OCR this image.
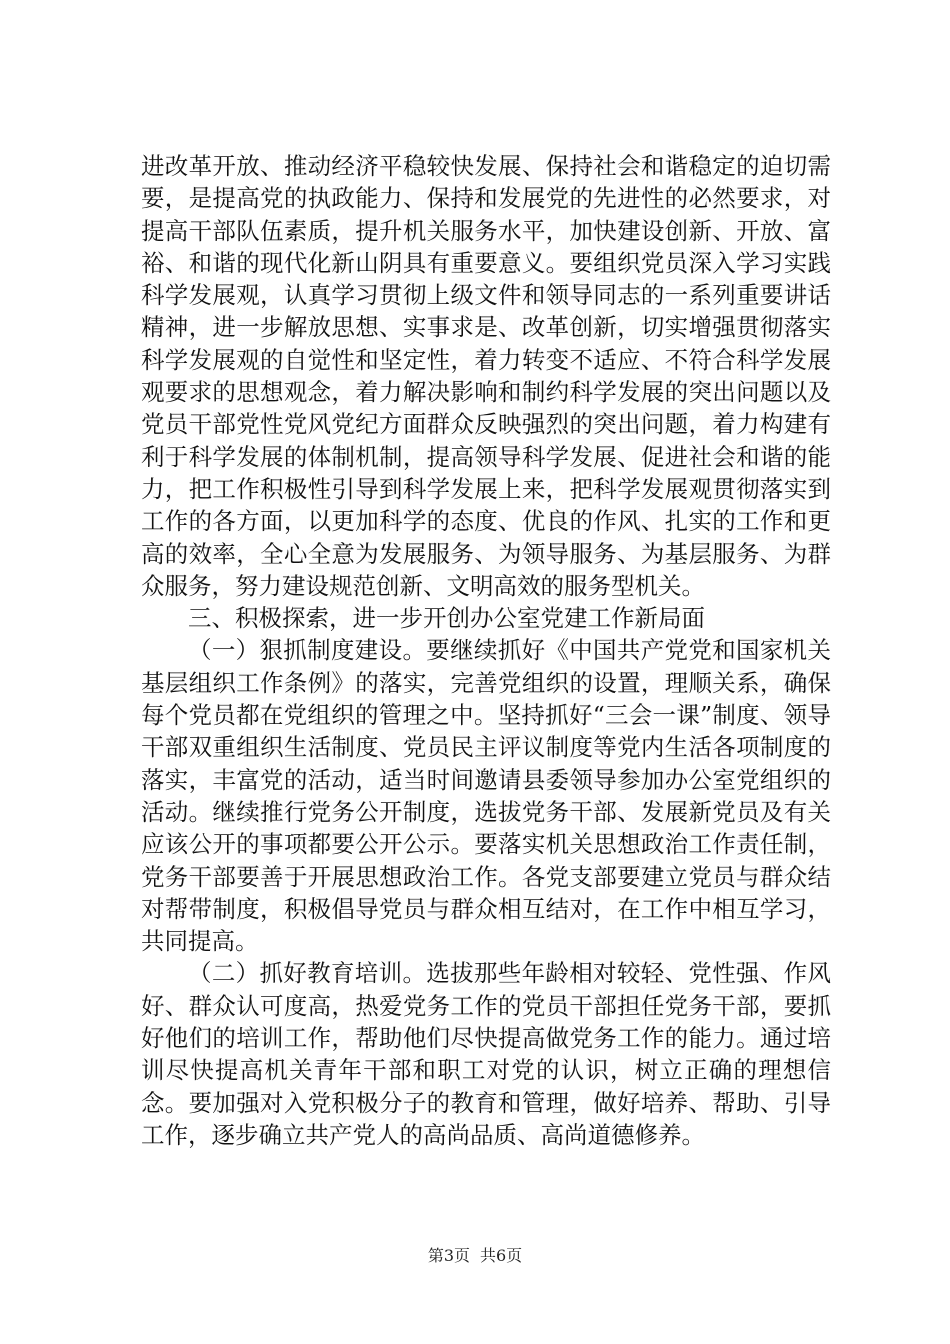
进改革开放、推动经济平稳较快发展、保持社会和谐稳定的迫切需要，是提高党的执政能力、保持和发展党的先进性的必然要求，对提高干部队伍素质，提升机关服务水平，加快建设创新、开放、富裕、和谐的现代化新山阴具有重要意义。要组织党员深入学习实践科学发展观，认真学习贯彻上级文件和领导同志的一系列重要讲话精神，进一步解放思想、实事求是、改革创新，切实增强贯彻落实科学发展观的自觉性和坚定性，着力转变不适应、不符合科学发展观要求的思想观念，着力解决影响和制约科学发展的突出问题以及党员干部党性党风党纪方面群众反映强烈的突出问题，着力构建有利于科学发展的体制机制，提高领导科学发展、促进社会和谐的能力，把工作积极性引导到科学发展上来，把科学发展观贯彻落实到工作的各方面，以更加科学的态度、优良的作风、扎实的工作和更高的效率，全心全意为发展服务、为领导服务、为基层服务、为群众服务，努力建设规范创新、文明高效的服务型机关。

三、积极探索，进一步开创办公室党建工作新局面

（一）狠抓制度建设。要继续抓好《中国共产党党和国家机关基层组织工作条例》的落实，完善党组织的设置，理顺关系，确保每个党员都在党组织的管理之中。坚持抓好“三会一课”制度、领导干部双重组织生活制度、党员民主评议制度等党内生活各项制度的落实，丰富党的活动，适当时间邀请县委领导参加办公室党组织的活动。继续推行党务公开制度，选拔党务干部、发展新党员及有关应该公开的事项都要公开公示。要落实机关思想政治工作责任制，党务干部要善于开展思想政治工作。各党支部要建立党员与群众结对帮带制度，积极倡导党员与群众相互结对，在工作中相互学习，共同提高。

（二）抓好教育培训。选拔那些年龄相对较轻、党性强、作风好、群众认可度高，热爱党务工作的党员干部担任党务干部，要抓好他们的培训工作，帮助他们尽快提高做党务工作的能力。通过培训尽快提高机关青年干部和职工对党的认识，树立正确的理想信念。要加强对入党积极分子的教育和管理，做好培养、帮助、引导工作，逐步确立共产党人的高尚品质、高尚道德修养。

第3页 共6页
